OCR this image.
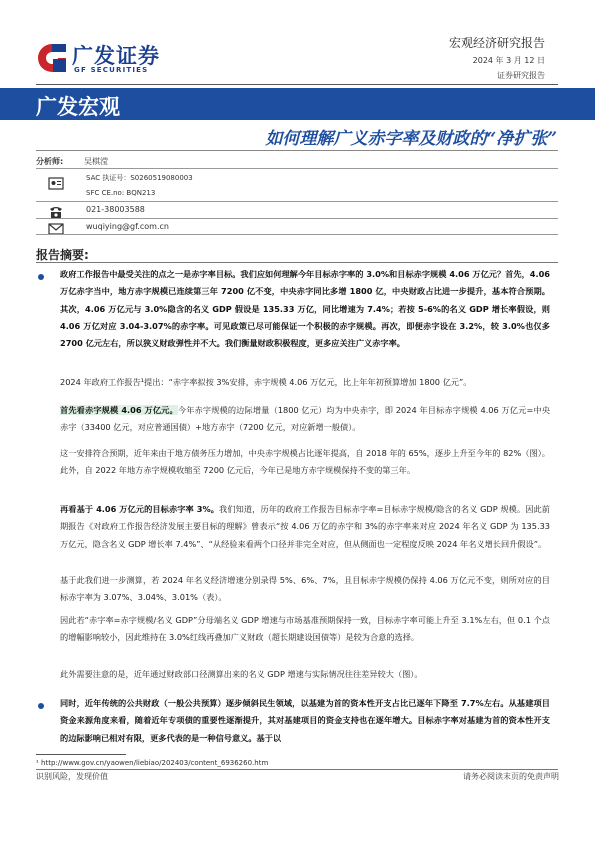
广发证券
GF SECURITIES
宏观经济研究报告
2024 年 3 月 12 日
证券研究报告
广发宏观
如何理解广义赤字率及财政的“净扩张”
分析师:	吴棋滢
SAC 执证号：S0260519080003
SFC CE.no: BQN213
021-38003588
wuqiying@gf.com.cn
报告摘要:

政府工作报告中最受关注的点之一是赤字率目标。我们应如何理解今年目标赤字率的 3.0%和目标赤字规模 4.06 万亿元？首先，4.06 万亿赤字当中，地方赤字规模已连续第三年 7200 亿不变，中央赤字同比多增 1800 亿，中央财政占比进一步提升，基本符合预期。其次，4.06 万亿元与 3.0%隐含的名义 GDP 假设是 135.33 万亿，同比增速为 7.4%；若按 5-6%的名义 GDP 增长率假设，则 4.06 万亿对应 3.04-3.07%的赤字率。可见政策已尽可能保证一个积极的赤字规模。再次，即便赤字设在 3.2%，较 3.0%也仅多 2700 亿元左右，所以狭义财政弹性并不大。我们衡量财政积极程度，更多应关注广义赤字率。

2024 年政府工作报告¹提出：“赤字率拟按 3%安排，赤字规模 4.06 万亿元，比上年年初预算增加 1800 亿元”。

首先看赤字规模 4.06 万亿元。今年赤字规模的边际增量（1800 亿元）均为中央赤字，即 2024 年目标赤字规模 4.06 万亿元=中央赤字（33400 亿元，对应普通国债）+地方赤字（7200 亿元，对应新增一般债）。

这一安排符合预期，近年来由于地方债务压力增加，中央赤字规模占比逐年提高，自 2018 年的 65%，逐步上升至今年的 82%（图）。此外，自 2022 年地方赤字规模收缩至 7200 亿元后，今年已是地方赤字规模保持不变的第三年。

再看基于 4.06 万亿元的目标赤字率 3%。我们知道，历年的政府工作报告目标赤字率=目标赤字规模/隐含的名义 GDP 规模。因此前期报告《对政府工作报告经济发展主要目标的理解》曾表示“按 4.06 万亿的赤字和 3%的赤字率来对应 2024 年名义 GDP 为 135.33 万亿元，隐含名义 GDP 增长率 7.4%”、“从经验来看两个口径并非完全对应，但从侧面也一定程度反映 2024 年名义增长回升假设”。

基于此我们进一步测算，若 2024 年名义经济增速分别录得 5%、6%、7%，且目标赤字规模仍保持 4.06 万亿元不变，则所对应的目标赤字率为 3.07%、3.04%、3.01%（表）。

因此若“赤字率=赤字规模/名义 GDP”分母端名义 GDP 增速与市场基准预期保持一致，目标赤字率可能上升至 3.1%左右，但 0.1 个点的增幅影响较小，因此维持在 3.0%红线再叠加广义财政（超长期建设国债等）是较为合意的选择。

此外需要注意的是，近年通过财政部口径测算出来的名义 GDP 增速与实际情况往往差异较大（图）。

同时，近年传统的公共财政（一般公共预算）逐步倾斜民生领域，以基建为首的资本性开支占比已逐年下降至 7.7%左右。从基建项目资金来源角度来看，随着近年专项债的重要性逐渐提升，其对基建项目的资金支持也在逐年增大。目标赤字率对基建为首的资本性开支的边际影响已相对有限，更多代表的是一种信号意义。基于以

¹ http://www.gov.cn/yaowen/liebiao/202403/content_6936260.htm
识别风险，发现价值	请务必阅读末页的免责声明
